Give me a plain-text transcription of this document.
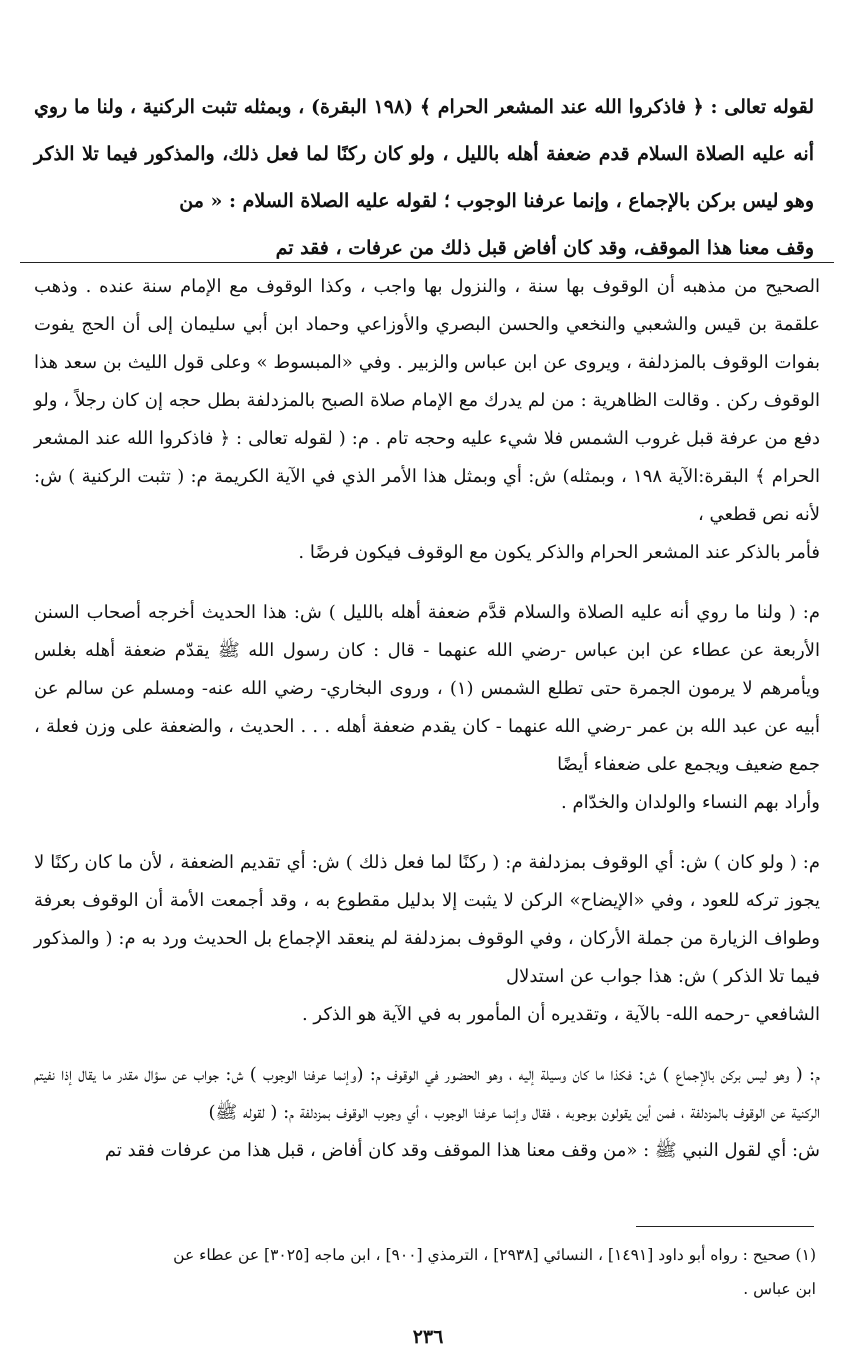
لقوله تعالى : ﴿ فاذكروا الله عند المشعر الحرام ﴾ (١٩٨ البقرة) ، وبمثله تثبت الركنية ، ولنا ما روي أنه عليه الصلاة السلام قدم ضعفة أهله بالليل ، ولو كان ركنًا لما فعل ذلك، والمذكور فيما تلا الذكر وهو ليس بركن بالإجماع ، وإنما عرفنا الوجوب ؛ لقوله عليه الصلاة السلام : « من
وقف معنا هذا الموقف، وقد كان أفاض قبل ذلك من عرفات ، فقد تم

الصحيح من مذهبه أن الوقوف بها سنة ، والنزول بها واجب ، وكذا الوقوف مع الإمام سنة عنده . وذهب علقمة بن قيس والشعبي والنخعي والحسن البصري والأوزاعي وحماد ابن أبي سليمان إلى أن الحج يفوت بفوات الوقوف بالمزدلفة ، ويروى عن ابن عباس والزبير . وفي «المبسوط » وعلى قول الليث بن سعد هذا الوقوف ركن . وقالت الظاهرية : من لم يدرك مع الإمام صلاة الصبح بالمزدلفة بطل حجه إن كان رجلاً ، ولو دفع من عرفة قبل غروب الشمس فلا شيء عليه وحجه تام . م: ( لقوله تعالى : ﴿ فاذكروا الله عند المشعر الحرام ﴾ البقرة:الآية ١٩٨ ، وبمثله) ش: أي وبمثل هذا الأمر الذي في الآية الكريمة م: ( تثبت الركنية ) ش: لأنه نص قطعي ،
فأمر بالذكر عند المشعر الحرام والذكر يكون مع الوقوف فيكون فرضًا .

م: ( ولنا ما روي أنه عليه الصلاة والسلام قدَّم ضعفة أهله بالليل ) ش: هذا الحديث أخرجه أصحاب السنن الأربعة عن عطاء عن ابن عباس -رضي الله عنهما - قال : كان رسول الله ﷺ يقدّم ضعفة أهله بغلس ويأمرهم لا يرمون الجمرة حتى تطلع الشمس (١) ، وروى البخاري- رضي الله عنه- ومسلم عن سالم عن أبيه عن عبد الله بن عمر -رضي الله عنهما - كان يقدم ضعفة أهله . . . الحديث ، والضعفة على وزن فعلة ، جمع ضعيف ويجمع على ضعفاء أيضًا
وأراد بهم النساء والولدان والخدّام .

م: ( ولو كان ) ش: أي الوقوف بمزدلفة م: ( ركنًا لما فعل ذلك ) ش: أي تقديم الضعفة ، لأن ما كان ركنًا لا يجوز تركه للعود ، وفي «الإيضاح» الركن لا يثبت إلا بدليل مقطوع به ، وقد أجمعت الأمة أن الوقوف بعرفة وطواف الزيارة من جملة الأركان ، وفي الوقوف بمزدلفة لم ينعقد الإجماع بل الحديث ورد به م: ( والمذكور فيما تلا الذكر ) ش: هذا جواب عن استدلال
الشافعي -رحمه الله- بالآية ، وتقديره أن المأمور به في الآية هو الذكر .

م: ( وهو ليس بركن بالإجماع ) ش: فكذا ما كان وسيلة إليه ، وهو الحضور في الوقوف م: (وإنما عرفنا الوجوب ) ش: جواب عن سؤال مقدر ما يقال إذا نفيتم الركنية عن الوقوف بالمزدلفة ، فمن أين يقولون بوجوبه ، فقال وإنما عرفنا الوجوب ، أي وجوب الوقوف بمزدلفة م: ( لقوله ﷺ)
ش: أي لقول النبي ﷺ : «من وقف معنا هذا الموقف وقد كان أفاض ، قبل هذا من عرفات فقد تم

(١) صحيح : رواه أبو داود [١٤٩١] ، النسائي [٢٩٣٨] ، الترمذي [٩٠٠] ، ابن ماجه [٣٠٢٥] عن عطاء عن
ابن عباس .
٢٣٦
